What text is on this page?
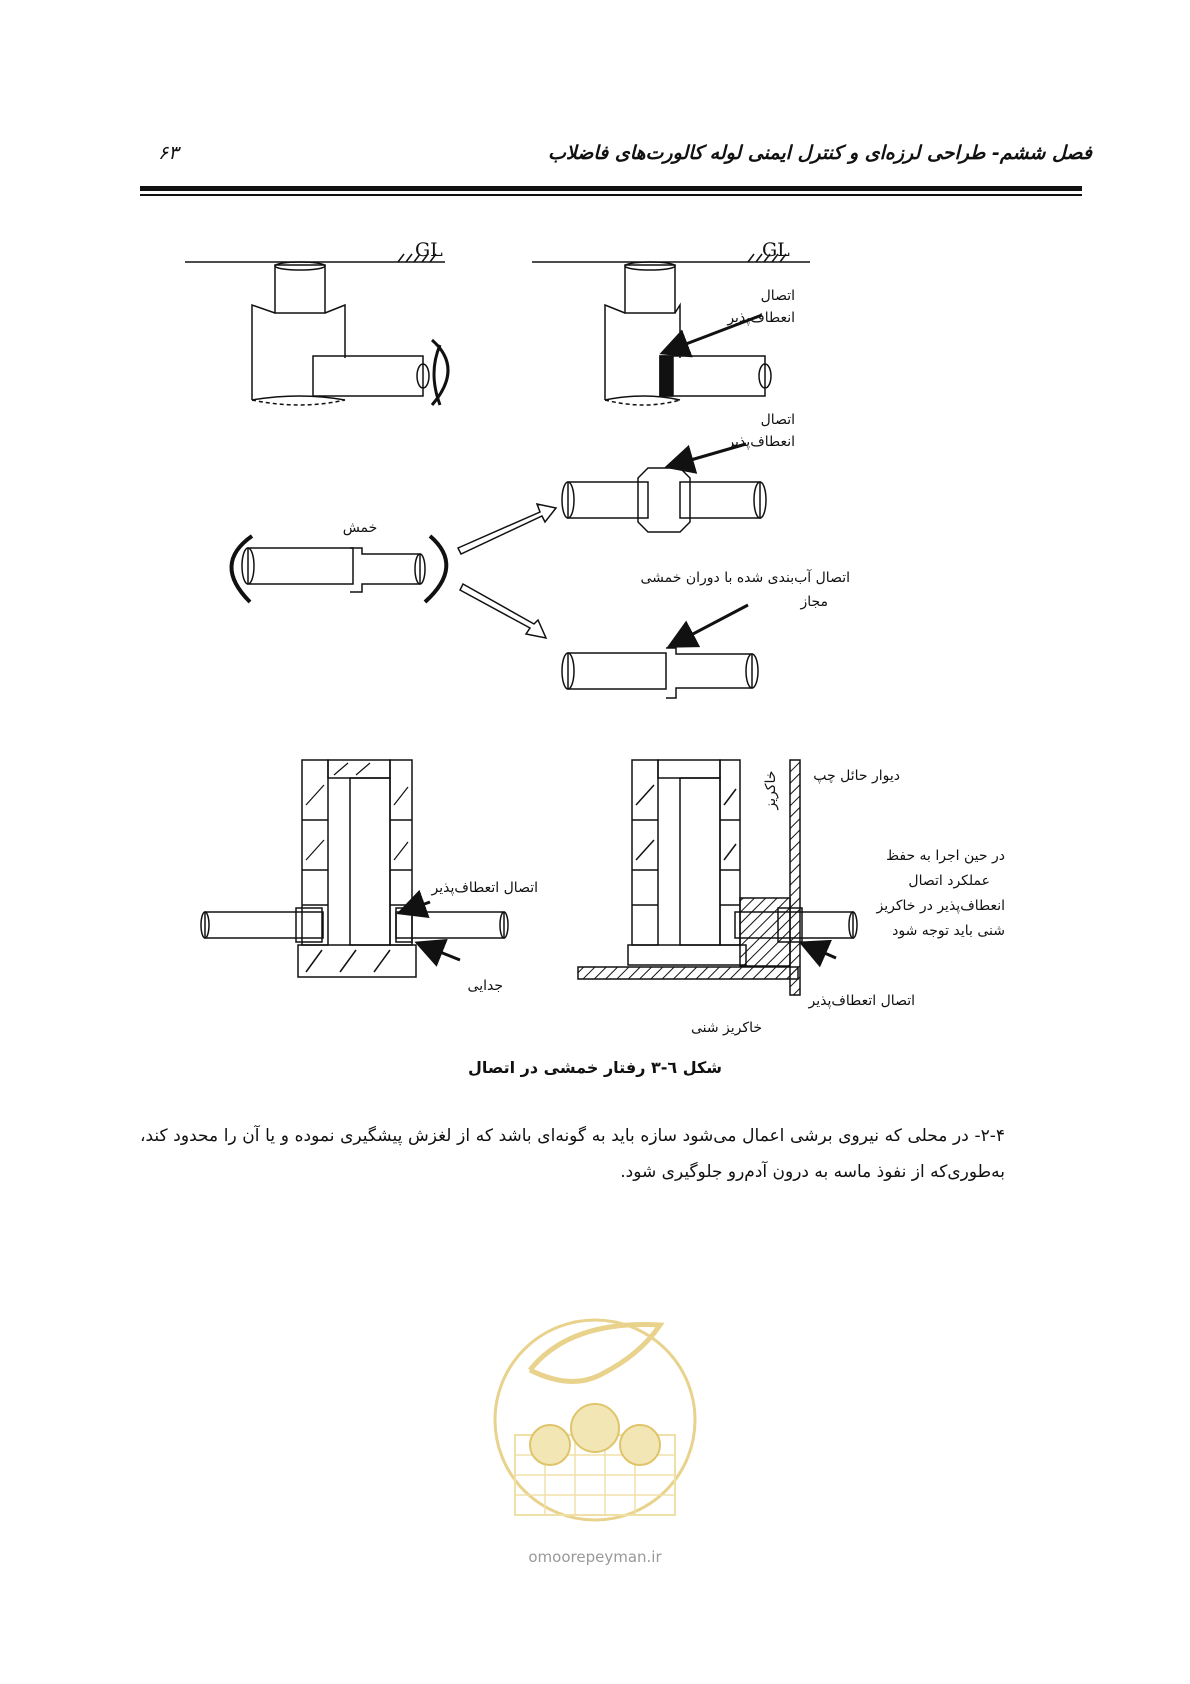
فصل ششم- طراحی لرزه‌ای و کنترل ایمنی لوله کالورت‌های فاضلاب
۶۳
GL	GL
اتصال
انعطاف‌پذیر
اتصال
انعطاف‌پذیر
خمش
اتصال آب‌بندی شده با دوران خمشی
مجاز
اتصال اتعطاف‌پذیر
جدایی
خاکریز دیوار حائل چپ
در حین اجرا به حفظ
عملکرد اتصال
انعطاف‌پذیر در خاکریز
شنی باید توجه شود
اتصال اتعطاف‌پذیر
خاکریز شنی
شکل ٦-۳ رفتار خمشی در اتصال

۲-۴- در محلی که نیروی برشی اعمال می‌شود سازه باید به گونه‌ای باشد که از لغزش پیشگیری نموده و یا آن را محدود کند، به‌طوری‌که از نفوذ ماسه به درون آدم‌رو جلوگیری شود.

omoorepeyman.ir
